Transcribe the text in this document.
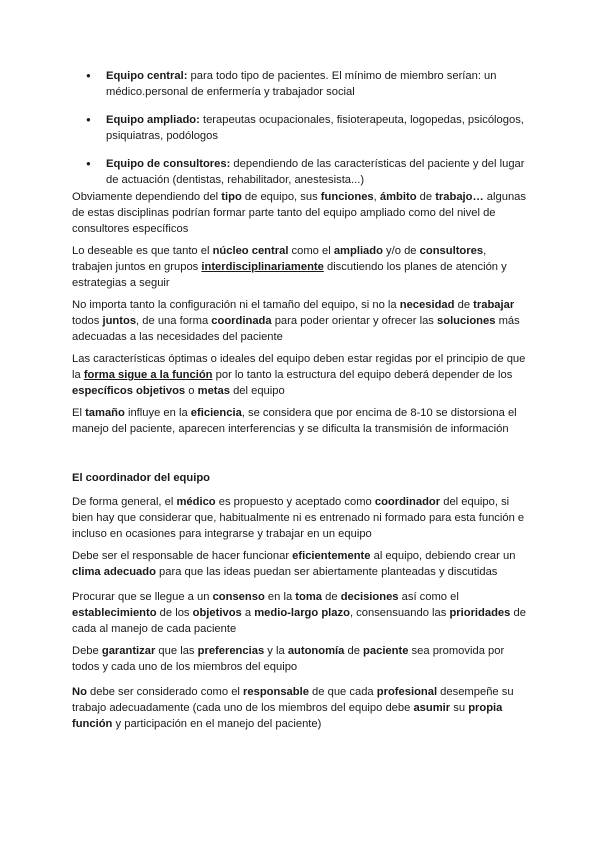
● Equipo central: para todo tipo de pacientes. El mínimo de miembro serían: un médico.personal de enfermería y trabajador social
● Equipo ampliado: terapeutas ocupacionales, fisioterapeuta, logopedas, psicólogos, psiquiatras, podólogos
● Equipo de consultores: dependiendo de las características del paciente y del lugar de actuación (dentistas, rehabilitador, anestesista...)

Obviamente dependiendo del tipo de equipo, sus funciones, ámbito de trabajo… algunas de estas disciplinas podrían formar parte tanto del equipo ampliado como del nivel de consultores específicos

Lo deseable es que tanto el núcleo central como el ampliado y/o de consultores, trabajen juntos en grupos interdisciplinariamente discutiendo los planes de atención y estrategias a seguir

No importa tanto la configuración ni el tamaño del equipo, si no la necesidad de trabajar todos juntos, de una forma coordinada para poder orientar y ofrecer las soluciones más adecuadas a las necesidades del paciente

Las características óptimas o ideales del equipo deben estar regidas por el principio de que la forma sigue a la función por lo tanto la estructura del equipo deberá depender de los específicos objetivos o metas del equipo

El tamaño influye en la eficiencia, se considera que por encima de 8-10 se distorsiona el manejo del paciente, aparecen interferencias y se dificulta la transmisión de información

El coordinador del equipo

De forma general, el médico es propuesto y aceptado como coordinador del equipo, si bien hay que considerar que, habitualmente ni es entrenado ni formado para esta función e incluso en ocasiones para integrarse y trabajar en un equipo

Debe ser el responsable de hacer funcionar eficientemente al equipo, debiendo crear un clima adecuado para que las ideas puedan ser abiertamente planteadas y discutidas

Procurar que se llegue a un consenso en la toma de decisiones así como el establecimiento de los objetivos a medio-largo plazo, consensuando las prioridades de cada al manejo de cada paciente

Debe garantizar que las preferencias y la autonomía de paciente sea promovida por todos y cada uno de los miembros del equipo

No debe ser considerado como el responsable de que cada profesional desempeñe su trabajo adecuadamente (cada uno de los miembros del equipo debe asumir su propia función y participación en el manejo del paciente)
